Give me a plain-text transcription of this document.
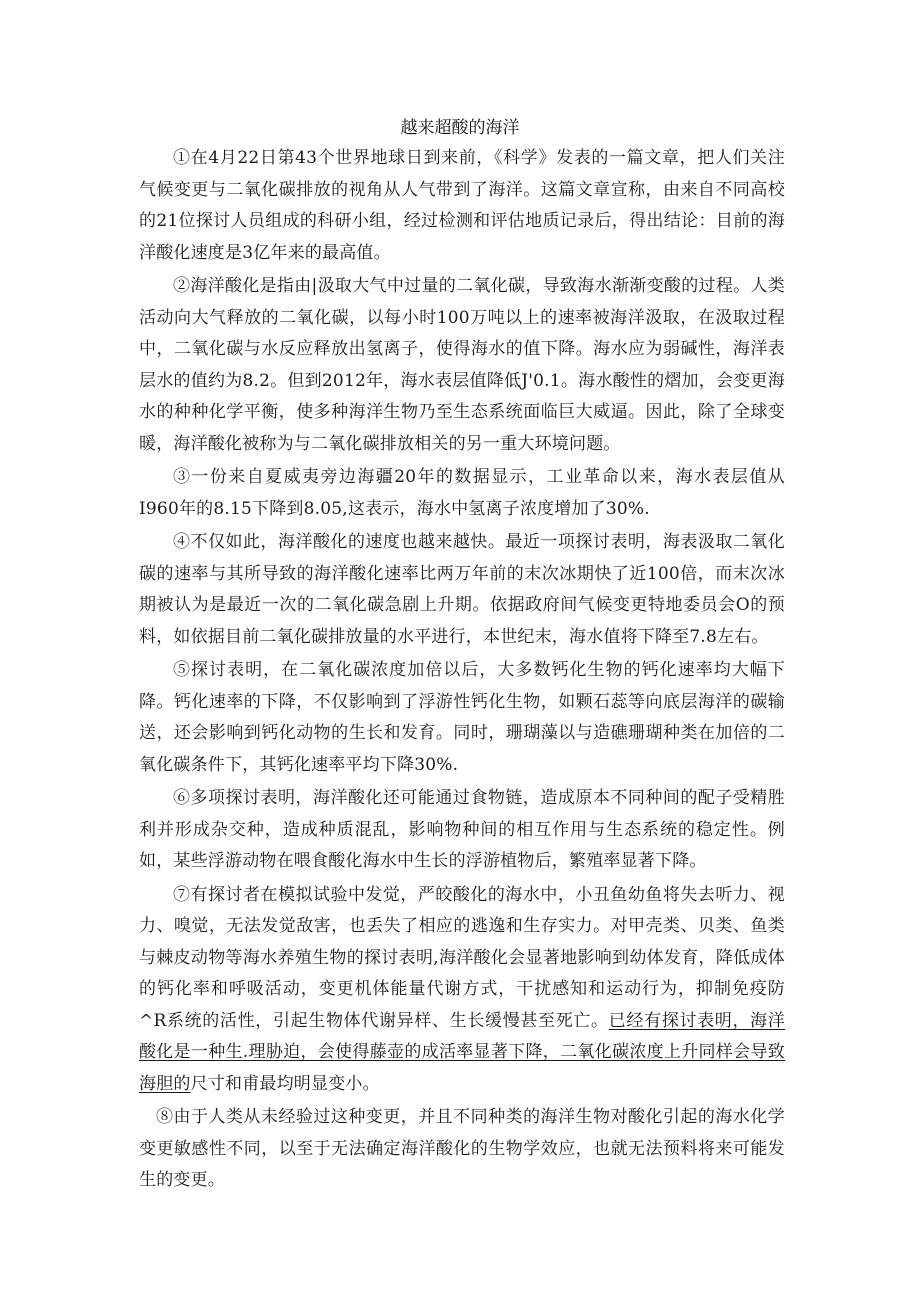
越来超酸的海洋

①在4月22日第43个世界地球日到来前，《科学》发表的一篇文章，把人们关注气候变更与二氧化碳排放的视角从人气带到了海洋。这篇文章宣称，由来自不同高校的21位探讨人员组成的科研小组，经过检测和评估地质记录后，得出结论：目前的海洋酸化速度是3亿年来的最高值。

②海洋酸化是指由|汲取大气中过量的二氧化碳，导致海水渐渐变酸的过程。人类活动向大气释放的二氧化碳，以每小时100万吨以上的速率被海洋汲取，在汲取过程中，二氧化碳与水反应释放出氢离子，使得海水的值下降。海水应为弱碱性，海洋表层水的值约为8.2。但到2012年，海水表层值降低J'0.1。海水酸性的熠加，会变更海水的种种化学平衡，使多种海洋生物乃至生态系统面临巨大威逼。因此，除了全球变暖，海洋酸化被称为与二氧化碳排放相关的另一重大环境问题。

③一份来自夏威夷旁边海疆20年的数据显示，工业革命以来，海水表层值从I960年的8.15下降到8.05,这表示，海水中氢离子浓度增加了30%.

④不仅如此，海洋酸化的速度也越来越快。最近一项探讨表明，海表汲取二氧化碳的速率与其所导致的海洋酸化速率比两万年前的末次冰期快了近100倍，而末次冰期被认为是最近一次的二氧化碳急剧上升期。依据政府间气候变更特地委员会O的预料，如依据目前二氧化碳排放量的水平进行，本世纪末，海水值将下降至7.8左右。

⑤探讨表明，在二氧化碳浓度加倍以后，大多数钙化生物的钙化速率均大幅下降。钙化速率的下降，不仅影响到了浮游性钙化生物，如颗石蕊等向底层海洋的碳输送，还会影响到钙化动物的生长和发育。同时，珊瑚藻以与造礁珊瑚种类在加倍的二氧化碳条件下，其钙化速率平均下降30%.

⑥多项探讨表明，海洋酸化还可能通过食物链，造成原本不同种间的配子受精胜利并形成杂交种，造成种质混乱，影响物种间的相互作用与生态系统的稳定性。例如，某些浮游动物在喂食酸化海水中生长的浮游植物后，繁殖率显著下降。

⑦有探讨者在模拟试验中发觉，严皎酸化的海水中，小丑鱼幼鱼将失去听力、视力、嗅觉，无法发觉敌害，也丢失了相应的逃逸和生存实力。对甲壳类、贝类、鱼类与棘皮动物等海水养殖生物的探讨表明,海洋酸化会显著地影响到幼体发育，降低成体的钙化率和呼吸活动，变更机体能量代谢方式，干扰感知和运动行为，抑制免疫防^R系统的活性，引起生物体代谢异样、生长缓慢甚至死亡。已经有探讨表明，海洋酸化是一种生.理胁迫，会使得藤壶的成活率显著下降，二氧化碳浓度上升同样会导致海胆的尺寸和甫最均明显变小。

⑧由于人类从未经验过这种变更，并且不同种类的海洋生物对酸化引起的海水化学变更敏感性不同，以至于无法确定海洋酸化的生物学效应，也就无法预料将来可能发生的变更。
